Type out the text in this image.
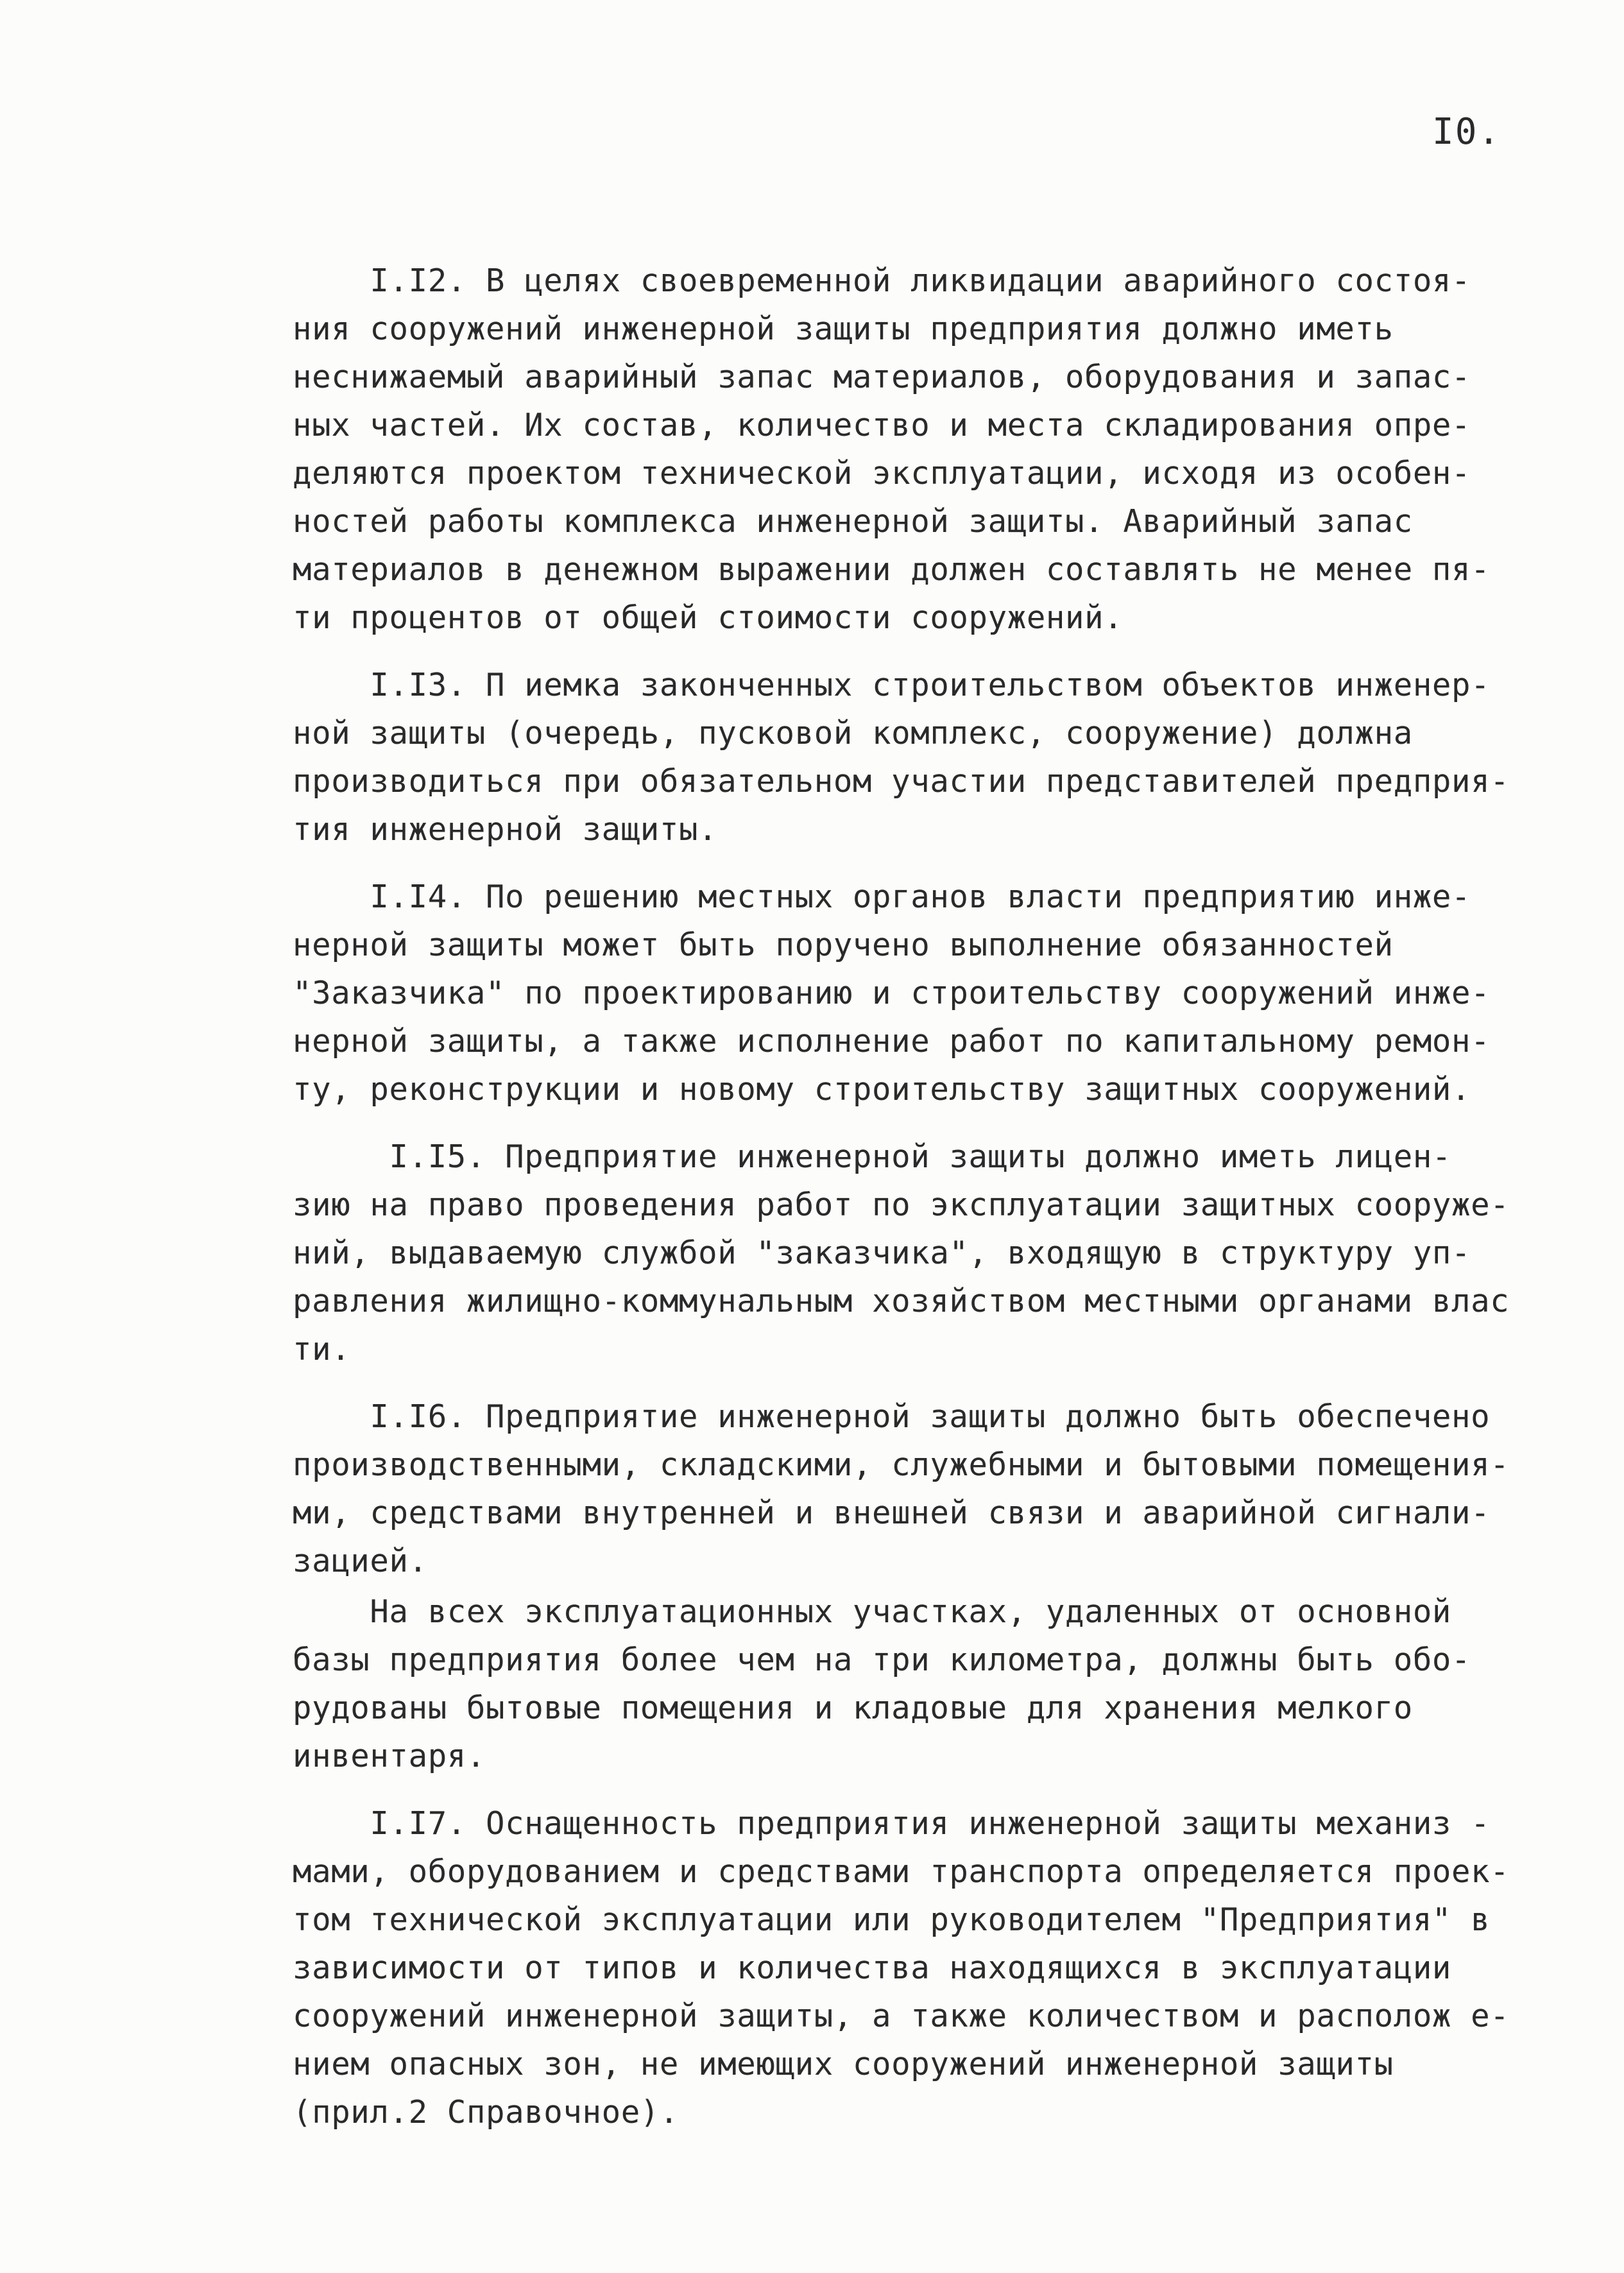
I0.
I.I2. В целях своевременной ликвидации аварийного состоя-
ния сооружений инженерной защиты предприятия должно иметь
неснижаемый аварийный запас материалов, оборудования и запас-
ных частей. Их состав, количество и места складирования опре-
деляются проектом технической эксплуатации, исходя из особен-
ностей работы комплекса инженерной защиты. Аварийный запас
материалов в денежном выражении должен составлять не менее пя-
ти процентов от общей стоимости сооружений.
I.I3. П иемка законченных строительством объектов инженер-
ной защиты (очередь, пусковой комплекс, сооружение) должна
производиться при обязательном участии представителей предприя-
тия инженерной защиты.
I.I4. По решению местных органов власти предприятию инже-
нерной защиты может быть поручено выполнение обязанностей
"Заказчика" по проектированию и строительству сооружений инже-
нерной защиты, а также исполнение работ по капитальному ремон-
ту, реконструкции и новому строительству защитных сооружений.
I.I5. Предприятие инженерной защиты должно иметь лицен-
зию на право проведения работ по эксплуатации защитных сооруже-
ний, выдаваемую службой "заказчика", входящую в структуру уп-
равления жилищно-коммунальным хозяйством местными органами влас
ти.
I.I6. Предприятие инженерной защиты должно быть обеспечено
производственными, складскими, служебными и бытовыми помещения-
ми, средствами внутренней и внешней связи и аварийной сигнали-
зацией.
На всех эксплуатационных участках, удаленных от основной
базы предприятия более чем на три километра, должны быть обо-
рудованы бытовые помещения и кладовые для хранения мелкого
инвентаря.
I.I7. Оснащенность предприятия инженерной защиты механиз -
мами, оборудованием и средствами транспорта определяется проек-
том технической эксплуатации или руководителем "Предприятия" в
зависимости от типов и количества находящихся в эксплуатации
сооружений инженерной защиты, а также количеством и располож е-
нием опасных зон, не имеющих сооружений инженерной защиты
(прил.2 Справочное).
